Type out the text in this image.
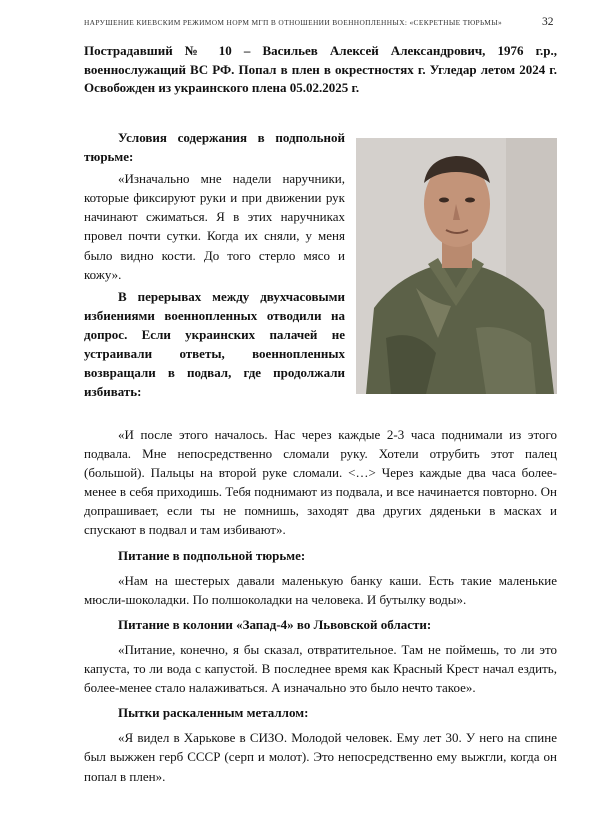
НАРУШЕНИЕ КИЕВСКИМ РЕЖИМОМ НОРМ МГП В ОТНОШЕНИИ ВОЕННОПЛЕННЫХ: «СЕКРЕТНЫЕ ТЮРЬМЫ»	32

Пострадавший № 10 – Васильев Алексей Александрович, 1976 г.р., военнослужащий ВС РФ. Попал в плен в окрестностях г. Угледар летом 2024 г. Освобожден из украинского плена 05.02.2025 г.

Условия содержания в подпольной тюрьме:

«Изначально мне надели наручники, которые фиксируют руки и при движении рук начинают сжиматься. Я в этих наручниках провел почти сутки. Когда их сняли, у меня было видно кости. До того стерло мясо и кожу».

В перерывах между двухчасовыми избиениями военнопленных отводили на допрос. Если украинских палачей не устраивали ответы, военнопленных возвращали в подвал, где продолжали избивать:

«И после этого началось. Нас через каждые 2-3 часа поднимали из этого подвала. Мне непосредственно сломали руку. Хотели отрубить этот палец (большой). Пальцы на второй руке сломали. <…> Через каждые два часа более-менее в себя приходишь. Тебя поднимают из подвала, и все начинается повторно. Он допрашивает, если ты не помнишь, заходят два других дяденьки в масках и спускают в подвал и там избивают».

Питание в подпольной тюрьме:

«Нам на шестерых давали маленькую банку каши. Есть такие маленькие мюсли-шоколадки. По полшоколадки на человека. И бутылку воды».

Питание в колонии «Запад-4» во Львовской области:

«Питание, конечно, я бы сказал, отвратительное. Там не поймешь, то ли это капуста, то ли вода с капустой. В последнее время как Красный Крест начал ездить, более-менее стало налаживаться. А изначально это было нечто такое».

Пытки раскаленным металлом:

«Я видел в Харькове в СИЗО. Молодой человек. Ему лет 30. У него на спине был выжжен герб СССР (серп и молот). Это непосредственно ему выжгли, когда он попал в плен».
